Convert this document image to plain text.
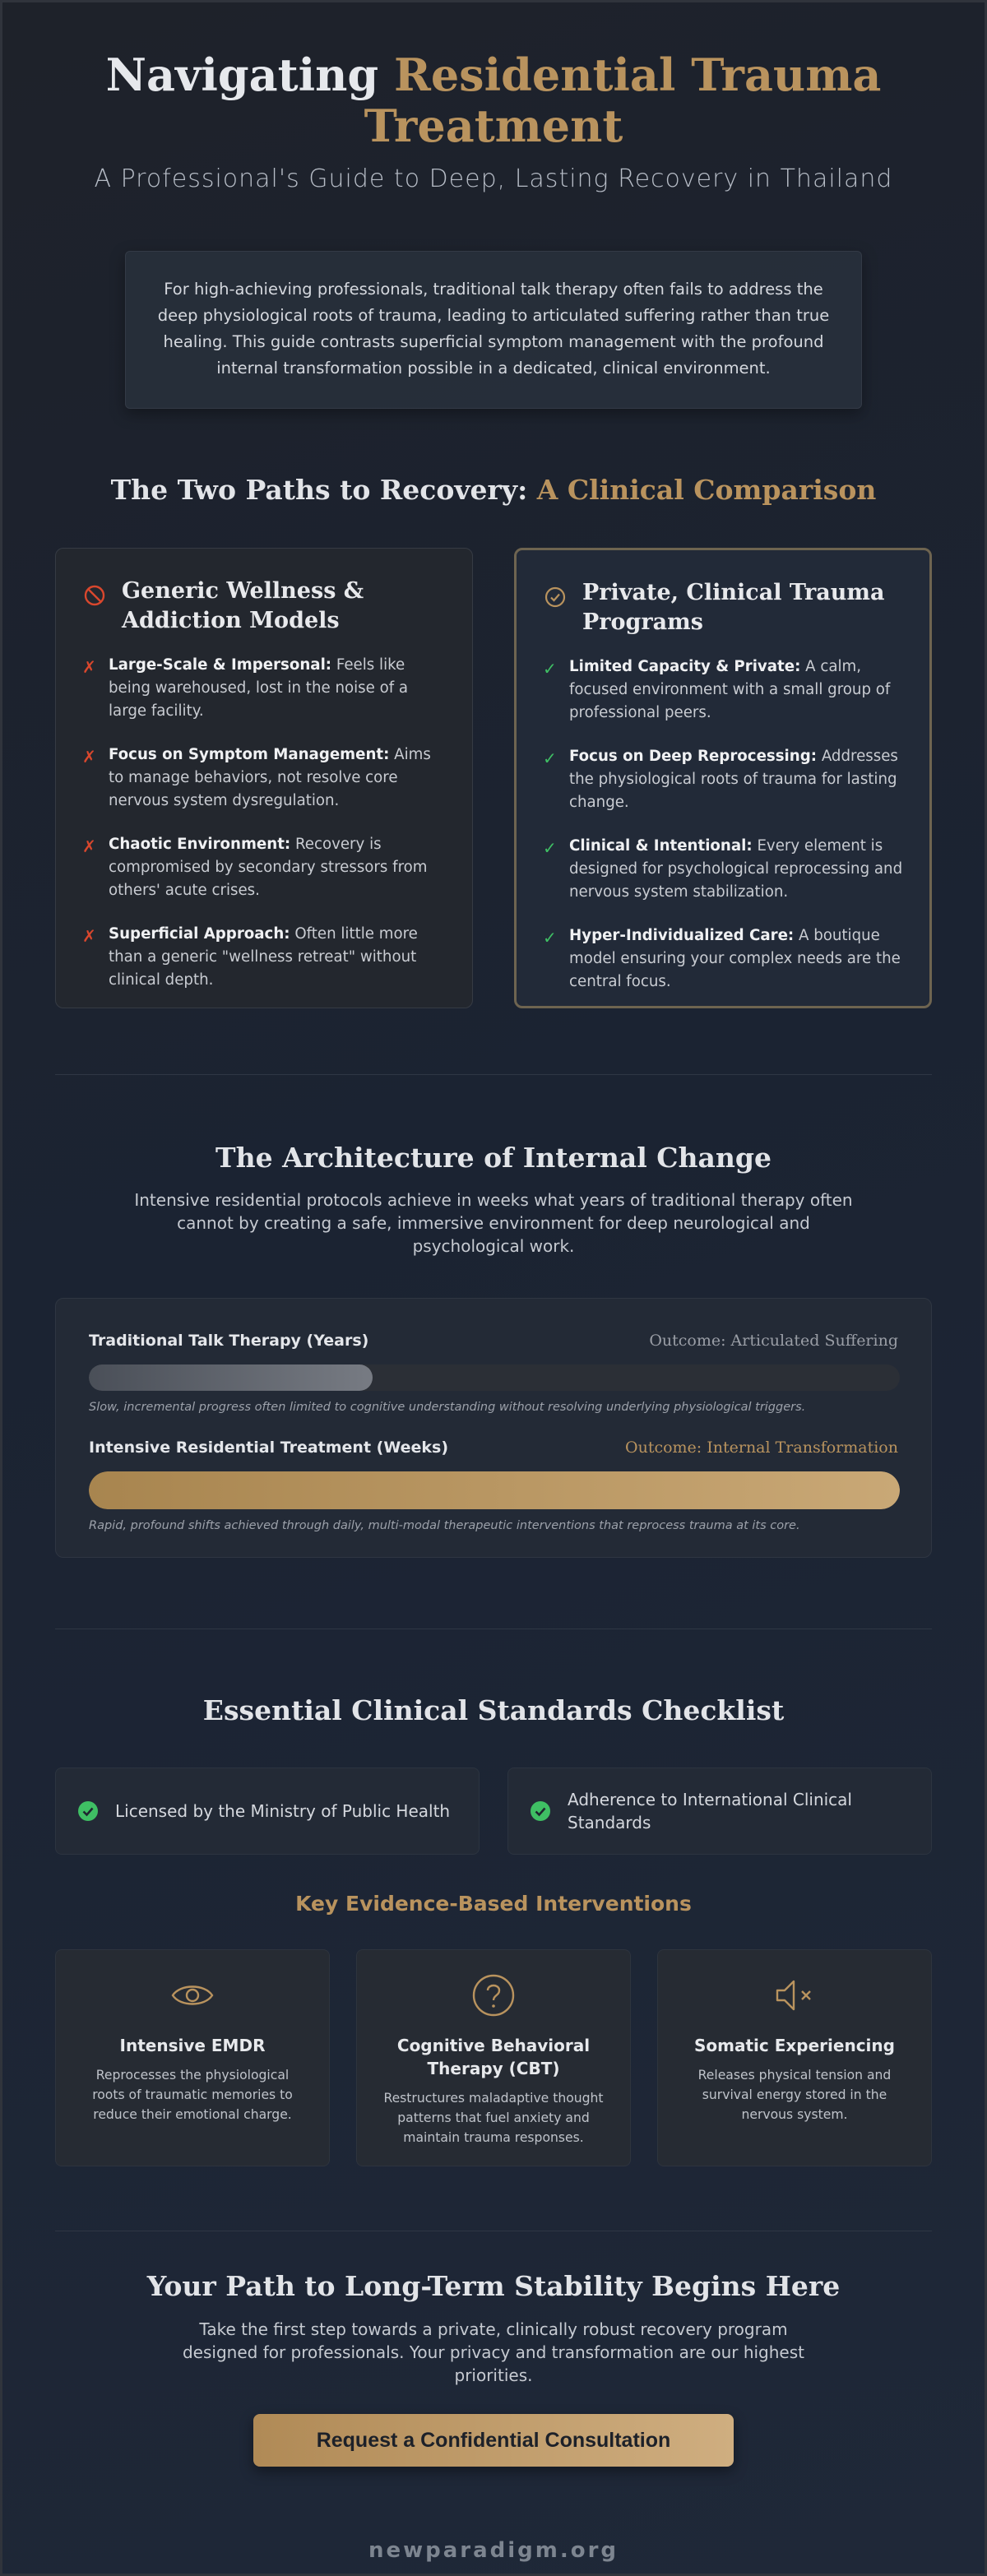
Navigating Residential Trauma Treatment
A Professional's Guide to Deep, Lasting Recovery in Thailand

For high-achieving professionals, traditional talk therapy often fails to address the deep physiological roots of trauma, leading to articulated suffering rather than true healing. This guide contrasts superficial symptom management with the profound internal transformation possible in a dedicated, clinical environment.

The Two Paths to Recovery: A Clinical Comparison
Generic Wellness & Addiction Models
✗ Large-Scale & Impersonal: Feels like being warehoused, lost in the noise of a large facility.
✗ Focus on Symptom Management: Aims to manage behaviors, not resolve core nervous system dysregulation.
✗ Chaotic Environment: Recovery is compromised by secondary stressors from others' acute crises.
✗ Superficial Approach: Often little more than a generic "wellness retreat" without clinical depth.
Private, Clinical Trauma Programs
✓ Limited Capacity & Private: A calm, focused environment with a small group of professional peers.
✓ Focus on Deep Reprocessing: Addresses the physiological roots of trauma for lasting change.
✓ Clinical & Intentional: Every element is designed for psychological reprocessing and nervous system stabilization.
✓ Hyper-Individualized Care: A boutique model ensuring your complex needs are the central focus.
The Architecture of Internal Change
Intensive residential protocols achieve in weeks what years of traditional therapy often cannot by creating a safe, immersive environment for deep neurological and psychological work.
Traditional Talk Therapy (Years)	Outcome: Articulated Suffering
Slow, incremental progress often limited to cognitive understanding without resolving underlying physiological triggers.
Intensive Residential Treatment (Weeks)	Outcome: Internal Transformation
Rapid, profound shifts achieved through daily, multi-modal therapeutic interventions that reprocess trauma at its core.
Essential Clinical Standards Checklist
Licensed by the Ministry of Public Health
Adherence to International Clinical Standards
Key Evidence-Based Interventions
Intensive EMDR
Reprocesses the physiological roots of traumatic memories to reduce their emotional charge.
Cognitive Behavioral Therapy (CBT)
Restructures maladaptive thought patterns that fuel anxiety and maintain trauma responses.
Somatic Experiencing
Releases physical tension and survival energy stored in the nervous system.
Your Path to Long-Term Stability Begins Here
Take the first step towards a private, clinically robust recovery program designed for professionals. Your privacy and transformation are our highest priorities.
Request a Confidential Consultation
newparadigm.org
